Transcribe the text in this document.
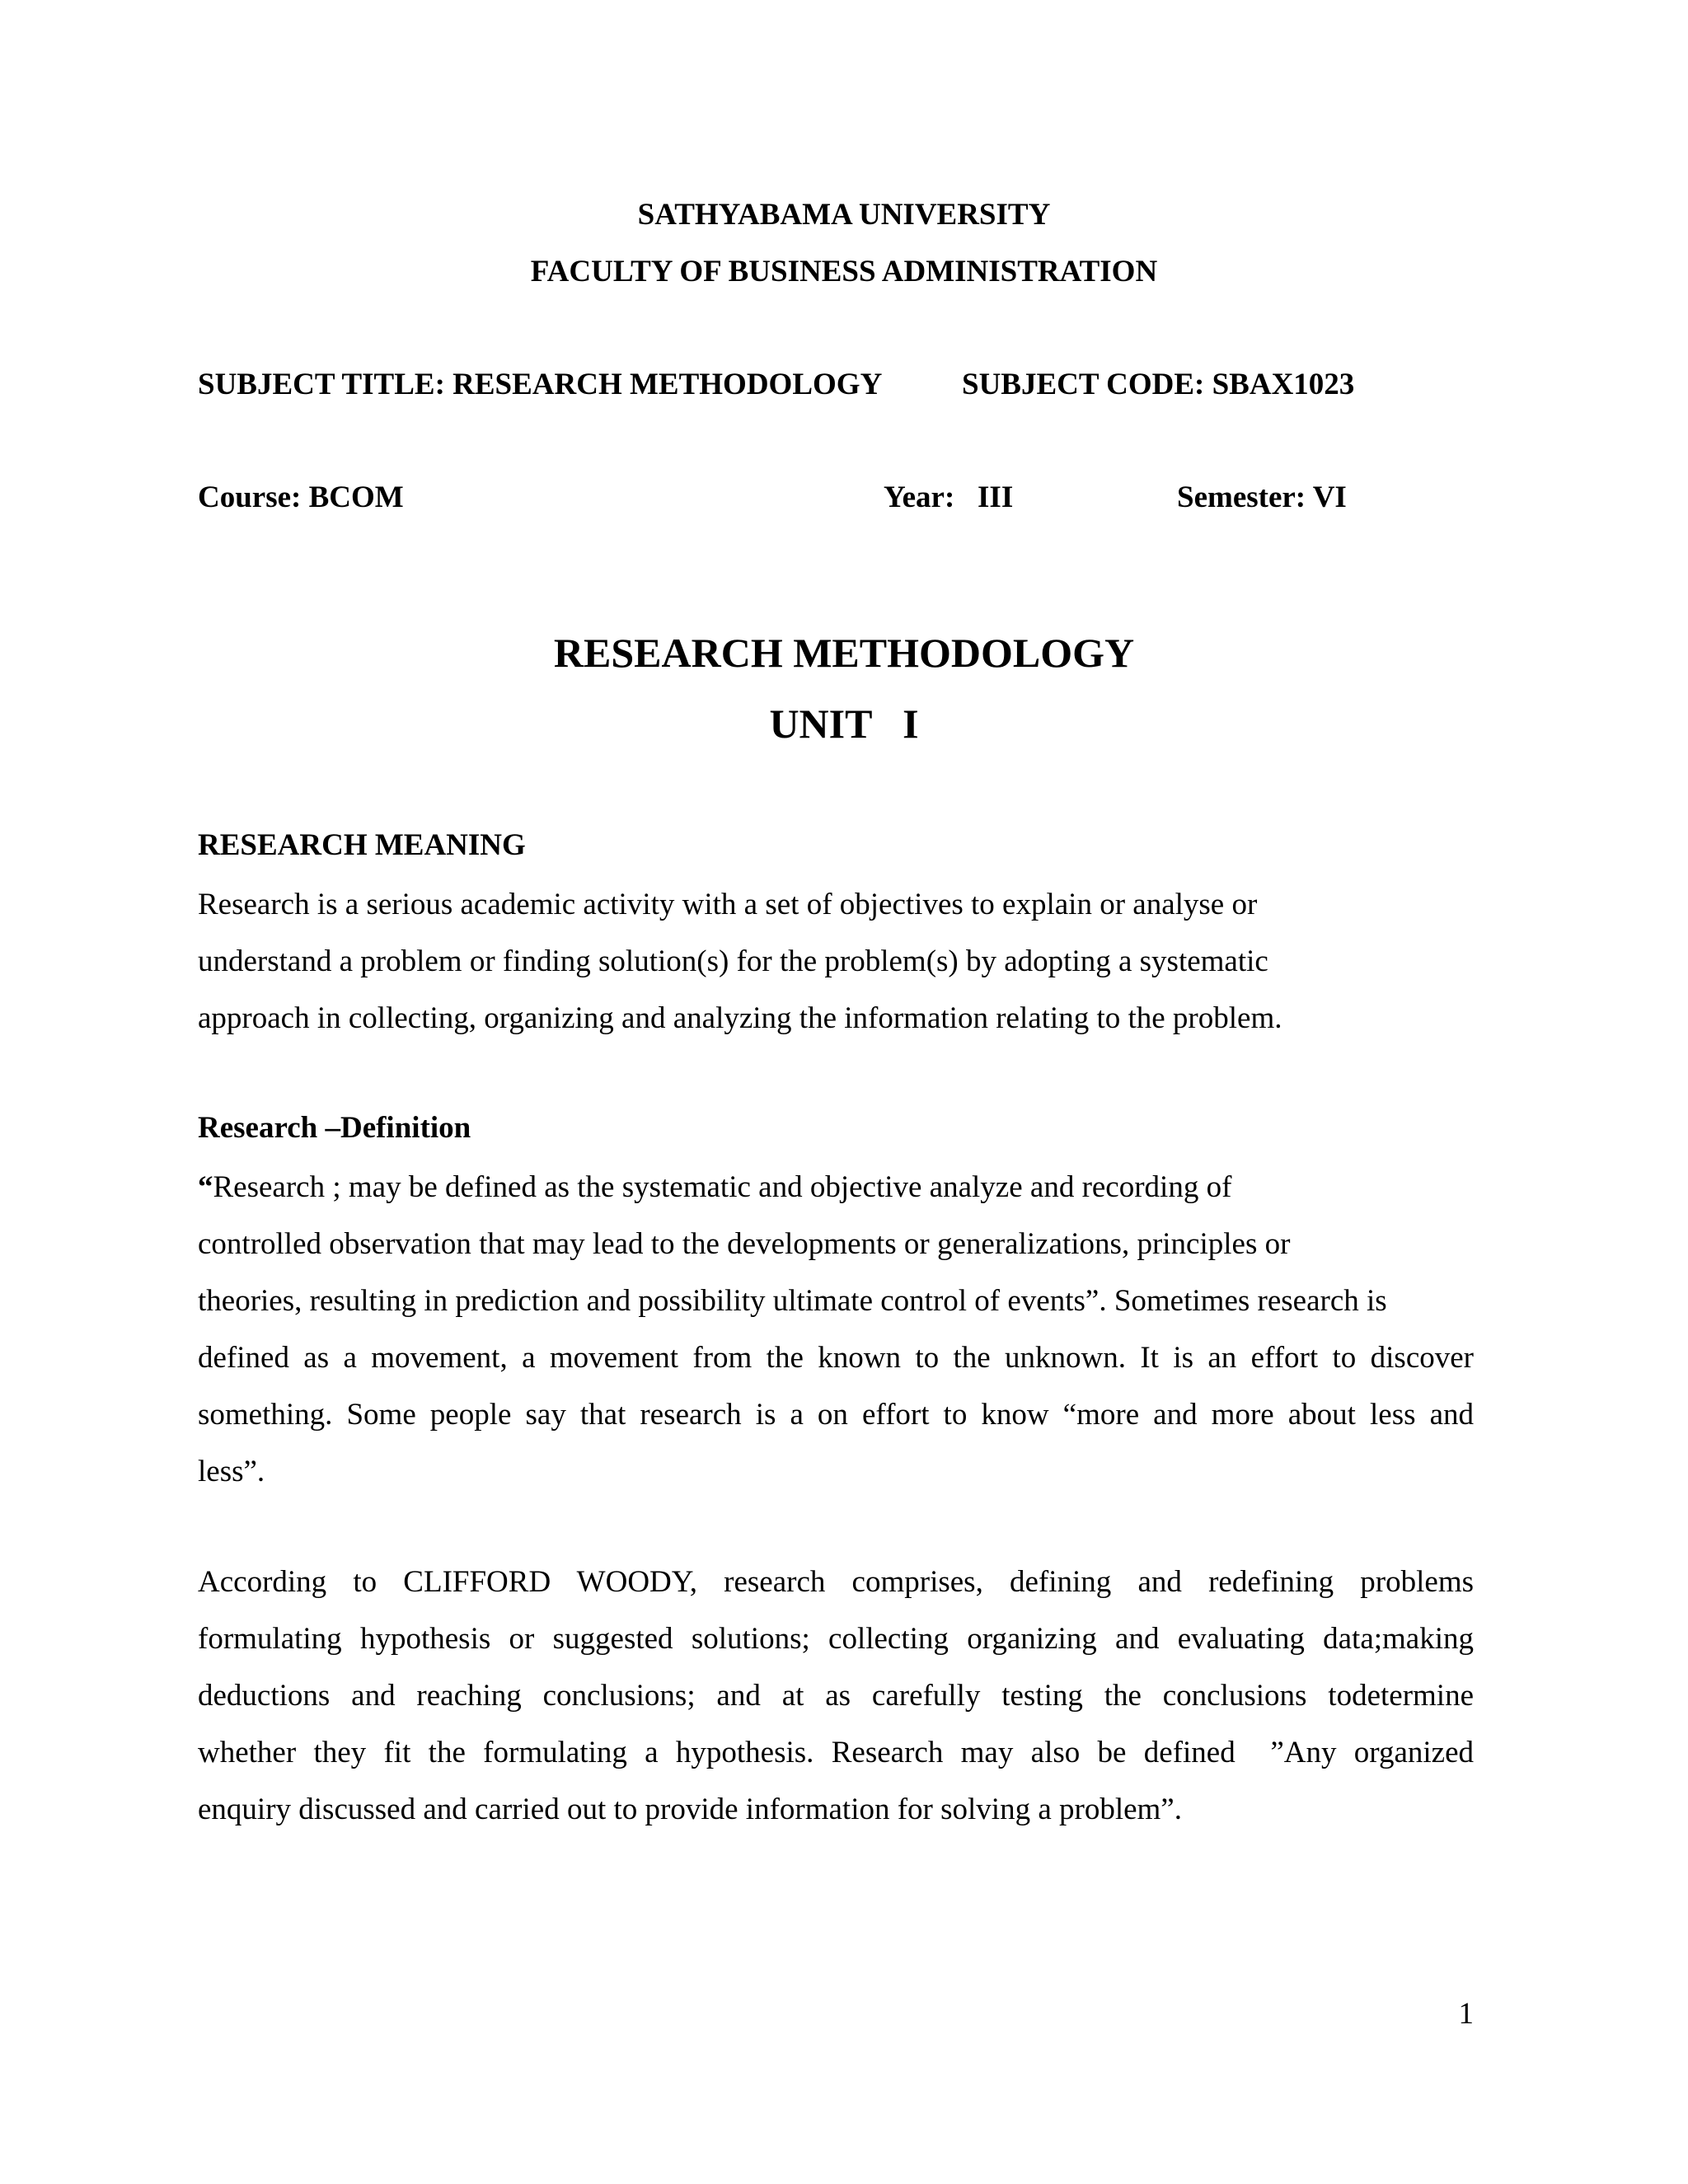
SATHYABAMA UNIVERSITY
FACULTY OF BUSINESS ADMINISTRATION
SUBJECT TITLE: RESEARCH METHODOLOGY	SUBJECT CODE: SBAX1023
Course: BCOM	Year:   III	Semester: VI
RESEARCH METHODOLOGY
UNIT   I
RESEARCH MEANING
Research is a serious academic activity with a set of objectives to explain or analyse or
understand a problem or finding solution(s) for the problem(s) by adopting a systematic
approach in collecting, organizing and analyzing the information relating to the problem.
Research –Definition
“Research ; may be defined as the systematic and objective analyze and recording of
controlled observation that may lead to the developments or generalizations, principles or
theories, resulting in prediction and possibility ultimate control of events”. Sometimes research is
defined as a movement, a movement from the known to the unknown. It is an effort to discover
something. Some people say that research is a on effort to know “more and more about less and
less”.
According to CLIFFORD WOODY, research comprises, defining and redefining problems
formulating hypothesis or suggested solutions; collecting organizing and evaluating data;making
deductions and reaching conclusions; and at as carefully testing the conclusions todetermine
whether they fit the formulating a hypothesis. Research may also be defined  ”Any organized
enquiry discussed and carried out to provide information for solving a problem”.
1
